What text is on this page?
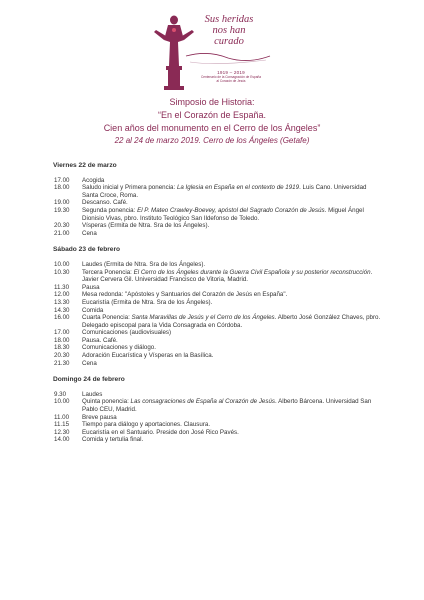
Sus heridas
nos han
curado
1919 – 2019
Centenario de la Consagración de España
al Corazón de Jesús
Simposio de Historia:
“En el Corazón de España.
Cien años del monumento en el Cerro de los Ángeles”
22 al 24 de marzo 2019. Cerro de los Ángeles (Getafe)
Viernes 22 de marzo
17.00	Acogida
18.00	Saludo inicial y Primera ponencia: La Iglesia en España en el contexto de 1919. Luis Cano. Universidad Santa Croce, Roma.
19.00	Descanso. Café.
19.30	Segunda ponencia: El P. Mateo Crawley-Boevey, apóstol del Sagrado Corazón de Jesús. Miguel Ángel Dionisio Vivas, pbro. Instituto Teológico San Ildefonso de Toledo.
20.30	Vísperas (Ermita de Ntra. Sra de los Ángeles).
21.00	Cena
Sábado 23 de febrero
10.00	Laudes (Ermita de Ntra. Sra de los Ángeles).
10.30	Tercera Ponencia: El Cerro de los Ángeles durante la Guerra Civil Española y su posterior reconstrucción. Javier Cervera Gil. Universidad Francisco de Vitoria, Madrid.
11.30	Pausa
12.00	Mesa redonda: "Apóstoles y Santuarios del Corazón de Jesús en España".
13.30	Eucaristía (Ermita de Ntra. Sra de los Ángeles).
14.30	Comida
16.00	Cuarta Ponencia: Santa Maravillas de Jesús y el Cerro de los Ángeles. Alberto José González Chaves, pbro. Delegado episcopal para la Vida Consagrada en Córdoba.
17.00	Comunicaciones (audiovisuales)
18.00	Pausa. Café.
18.30	Comunicaciones y diálogo.
20.30	Adoración Eucarística y Vísperas en la Basílica.
21.30	Cena
Domingo 24 de febrero
9.30	Laudes
10.00	Quinta ponencia: Las consagraciones de España al Corazón de Jesús. Alberto Bárcena. Universidad San Pablo CEU, Madrid.
11.00	Breve pausa
11.15	Tiempo para diálogo y aportaciones. Clausura.
12.30	Eucaristía en el Santuario. Preside don José Rico Pavés.
14.00	Comida y tertulia final.
